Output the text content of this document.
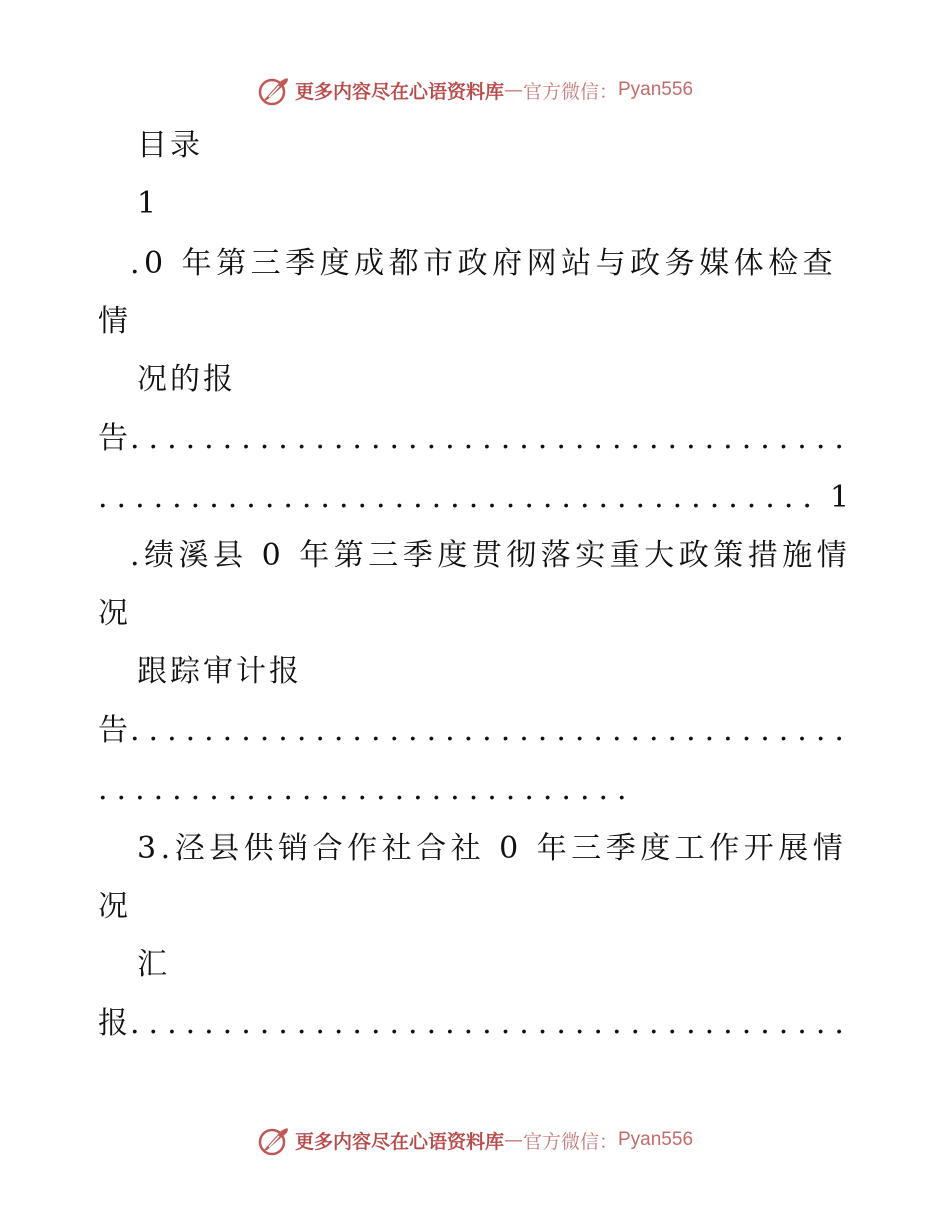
更多内容尽在心语资料库 — 官方微信： Pyan556
目录
1
.0 年第三季度成都市政府网站与政务媒体检查
情
况的报
告 .......................................
....................................... 1
.绩溪县 0 年第三季度贯彻落实重大政策措施情
况
跟踪审计报
告 .......................................
.............................
3.泾县供销合作社合社 0 年三季度工作开展情
况
汇
报 .......................................
更多内容尽在心语资料库 — 官方微信： Pyan556
